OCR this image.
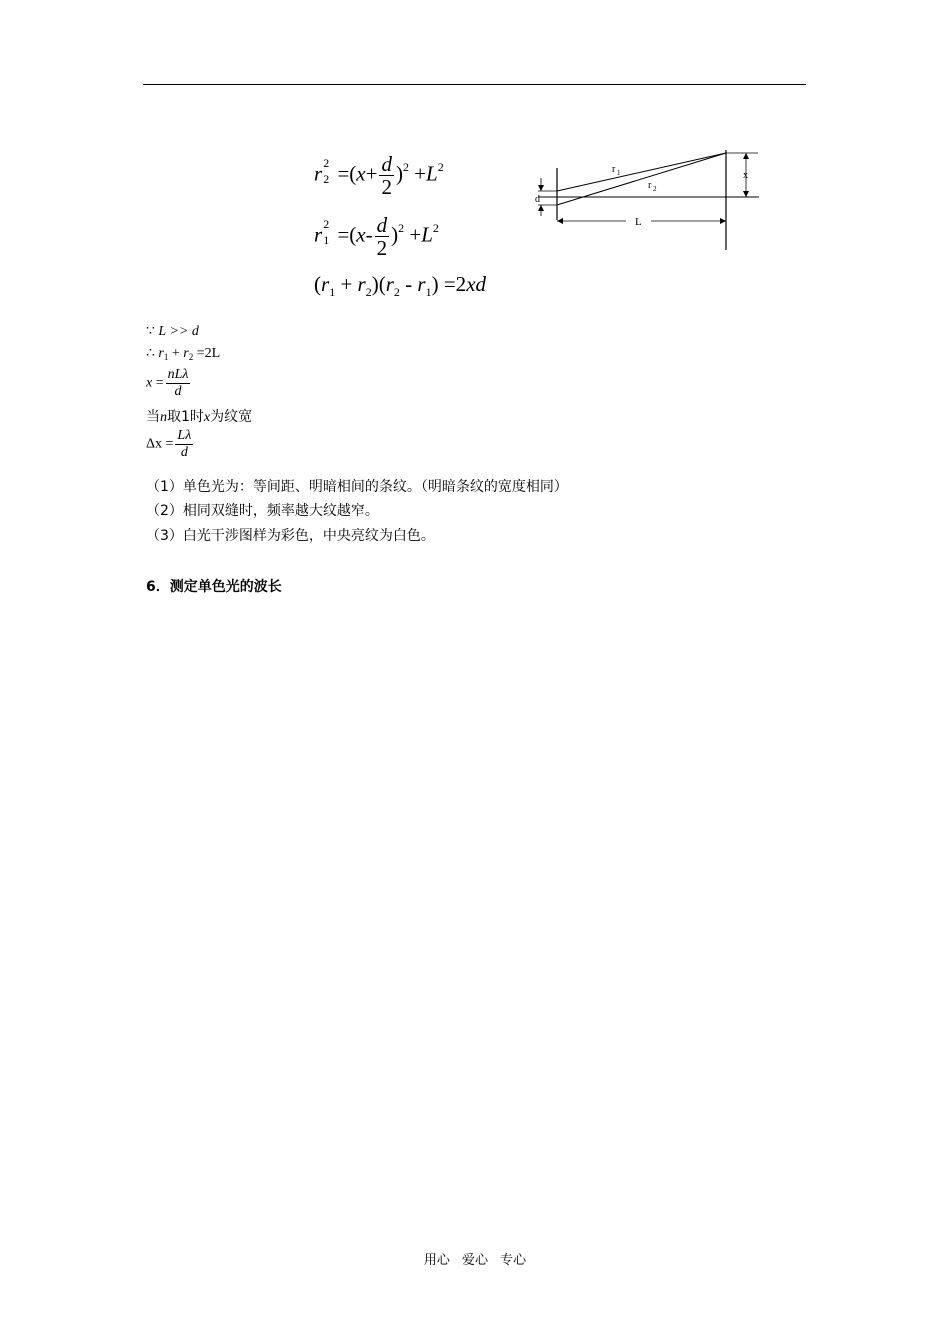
r 2
$2 =(x+ \frac{d}{2} )^2 +L^2$
r 2
$1 =(x- \frac{d}{2} )^2 +L^2$
$(r_1 + r_2)(r_2 - r_1) =2xd$
d
x
L
r 1
r 2
∵ L >> d
∴ $r_1 + r_2 =2L$
$x = \frac{\text{nLλ}}{d}$
当n取1时x为纹宽
$\Delta x = \frac{L\lambda}{d}$
（1）单色光为：等间距、明暗相间的条纹。（明暗条纹的宽度相同）
（2）相同双缝时，频率越大纹越窄。
（3）白光干涉图样为彩色，中央亮纹为白色。
6．测定单色光的波长
用心 爱心 专心
